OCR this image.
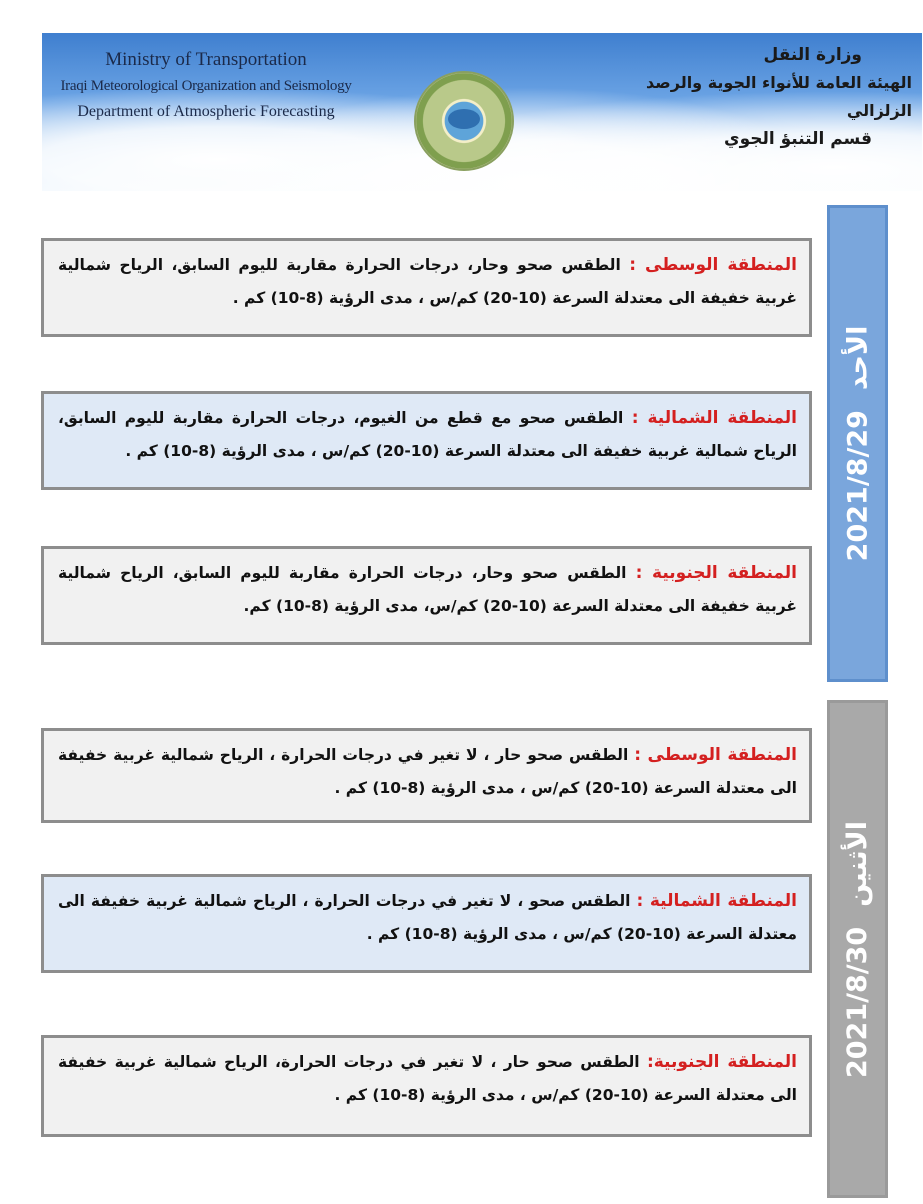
Ministry of Transportation
Iraqi Meteorological Organization and Seismology
Department of Atmospheric Forecasting
وزارة النقل
الهيئة العامة للأنواء الجوية والرصد الزلزالي
قسم التنبؤ الجوي
2021/8/29
الأحد
المنطقة الوسطى : الطقس صحو وحار، درجات الحرارة مقاربة لليوم السابق، الرياح شمالية غربية خفيفة الى معتدلة السرعة (10-20) كم/س ، مدى الرؤية (8-10) كم .
المنطقة الشمالية : الطقس صحو مع قطع من الغيوم، درجات الحرارة مقاربة لليوم السابق، الرياح شمالية غربية خفيفة الى معتدلة السرعة (10-20) كم/س ، مدى الرؤية (8-10) كم .
المنطقة الجنوبية : الطقس صحو وحار، درجات الحرارة مقاربة لليوم السابق، الرياح شمالية غربية خفيفة الى معتدلة السرعة (10-20) كم/س، مدى الرؤية (8-10) كم.
2021/8/30
الأثنين
المنطقة الوسطى : الطقس صحو حار ، لا تغير في درجات الحرارة ، الرياح شمالية غربية خفيفة الى معتدلة السرعة (10-20) كم/س ، مدى الرؤية (8-10) كم .
المنطقة الشمالية : الطقس صحو ، لا تغير في درجات الحرارة ، الرياح شمالية غربية خفيفة الى معتدلة السرعة (10-20) كم/س ، مدى الرؤية (8-10) كم .
المنطقة الجنوبية: الطقس صحو حار ، لا تغير في درجات الحرارة، الرياح شمالية غربية خفيفة الى معتدلة السرعة (10-20) كم/س ، مدى الرؤية (8-10) كم .
